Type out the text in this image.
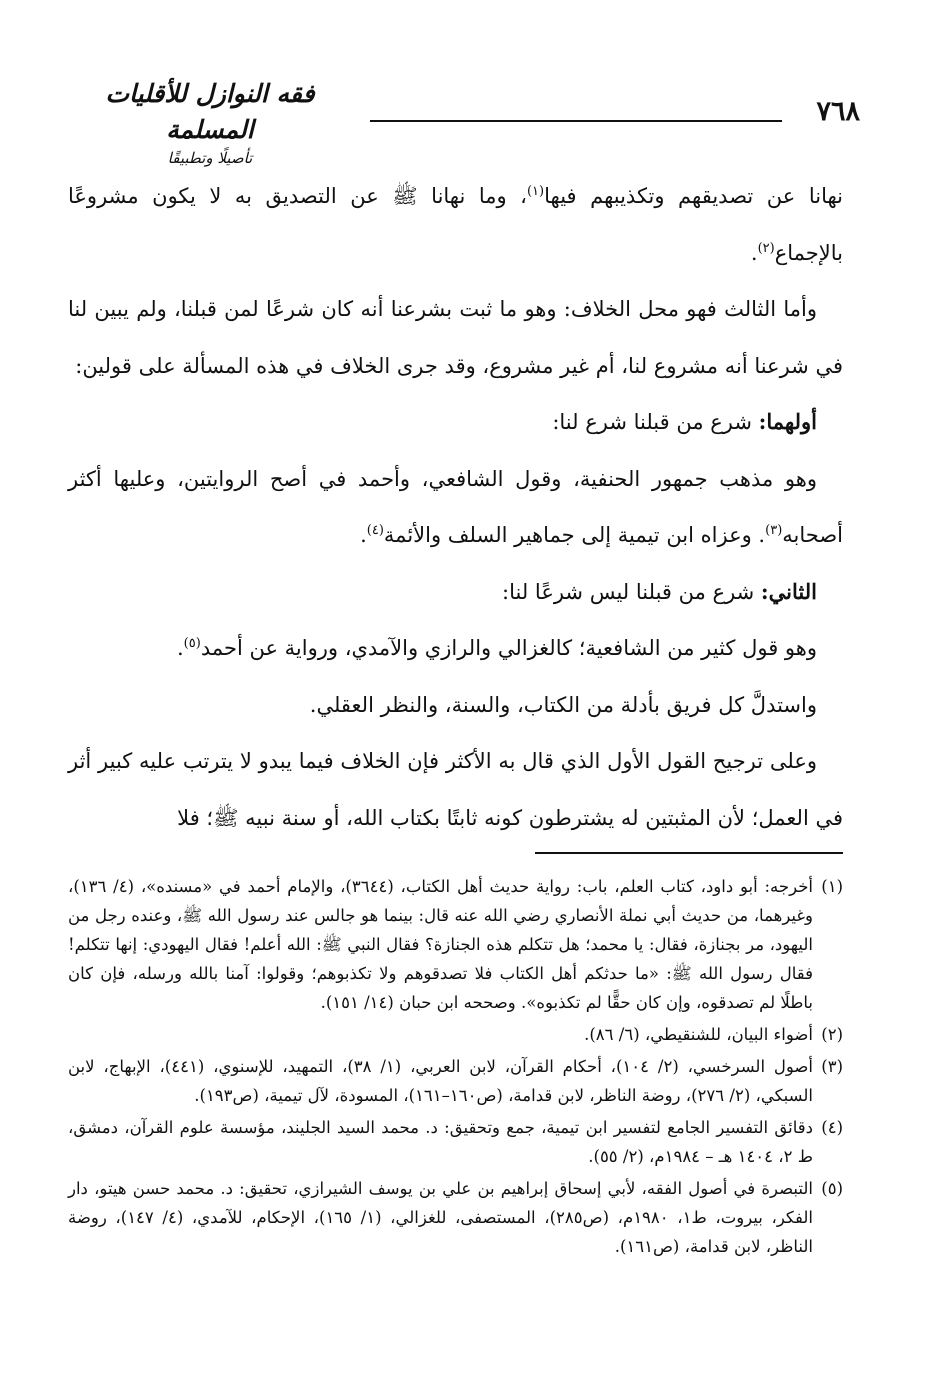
فقه النوازل للأقليات المسلمة
تأصيلًا وتطبيقًا
٧٦٨

نهانا عن تصديقهم وتكذيبهم فيها$^{(١)}$، وما نهانا ﷺ عن التصديق به لا يكون مشروعًا بالإجماع$^{(٢)}$.

وأما الثالث فهو محل الخلاف: وهو ما ثبت بشرعنا أنه كان شرعًا لمن قبلنا، ولم يبين لنا في شرعنا أنه مشروع لنا، أم غير مشروع، وقد جرى الخلاف في هذه المسألة على قولين:

أولهما: شرع من قبلنا شرع لنا:

وهو مذهب جمهور الحنفية، وقول الشافعي، وأحمد في أصح الروايتين، وعليها أكثر أصحابه$^{(٣)}$. وعزاه ابن تيمية إلى جماهير السلف والأئمة$^{(٤)}$.

الثاني: شرع من قبلنا ليس شرعًا لنا:

وهو قول كثير من الشافعية؛ كالغزالي والرازي والآمدي، ورواية عن أحمد$^{(٥)}$.

واستدلَّ كل فريق بأدلة من الكتاب، والسنة، والنظر العقلي.

وعلى ترجيح القول الأول الذي قال به الأكثر فإن الخلاف فيما يبدو لا يترتب عليه كبير أثر في العمل؛ لأن المثبتين له يشترطون كونه ثابتًا بكتاب الله، أو سنة نبيه ﷺ؛ فلا

(١)
أخرجه: أبو داود، كتاب العلم، باب: رواية حديث أهل الكتاب، (٣٦٤٤)، والإمام أحمد في «مسنده»، (٤/ ١٣٦)، وغيرهما، من حديث أبي نملة الأنصاري رضي الله عنه قال: بينما هو جالس عند رسول الله ﷺ، وعنده رجل من اليهود، مر بجنازة، فقال: يا محمد؛ هل تتكلم هذه الجنازة؟ فقال النبي ﷺ: الله أعلم! فقال اليهودي: إنها تتكلم! فقال رسول الله ﷺ: «ما حدثكم أهل الكتاب فلا تصدقوهم ولا تكذبوهم؛ وقولوا: آمنا بالله ورسله، فإن كان باطلًا لم تصدقوه، وإن كان حقًّا لم تكذبوه». وصححه ابن حبان (١٤/ ١٥١).

(٢)
أضواء البيان، للشنقيطي، (٦/ ٨٦).

(٣)
أصول السرخسي، (٢/ ١٠٤)، أحكام القرآن، لابن العربي، (١/ ٣٨)، التمهيد، للإسنوي، (٤٤١)، الإبهاج، لابن السبكي، (٢/ ٢٧٦)، روضة الناظر، لابن قدامة، (ص١٦٠–١٦١)، المسودة، لآل تيمية، (ص١٩٣).

(٤)
دقائق التفسير الجامع لتفسير ابن تيمية، جمع وتحقيق: د. محمد السيد الجليند، مؤسسة علوم القرآن، دمشق، ط ٢، ١٤٠٤ هـ – ١٩٨٤م، (٢/ ٥٥).

(٥)
التبصرة في أصول الفقه، لأبي إسحاق إبراهيم بن علي بن يوسف الشيرازي، تحقيق: د. محمد حسن هيتو، دار الفكر، بيروت، ط١، ١٩٨٠م، (ص٢٨٥)، المستصفى، للغزالي، (١/ ١٦٥)، الإحكام، للآمدي، (٤/ ١٤٧)، روضة الناظر، لابن قدامة، (ص١٦١).
